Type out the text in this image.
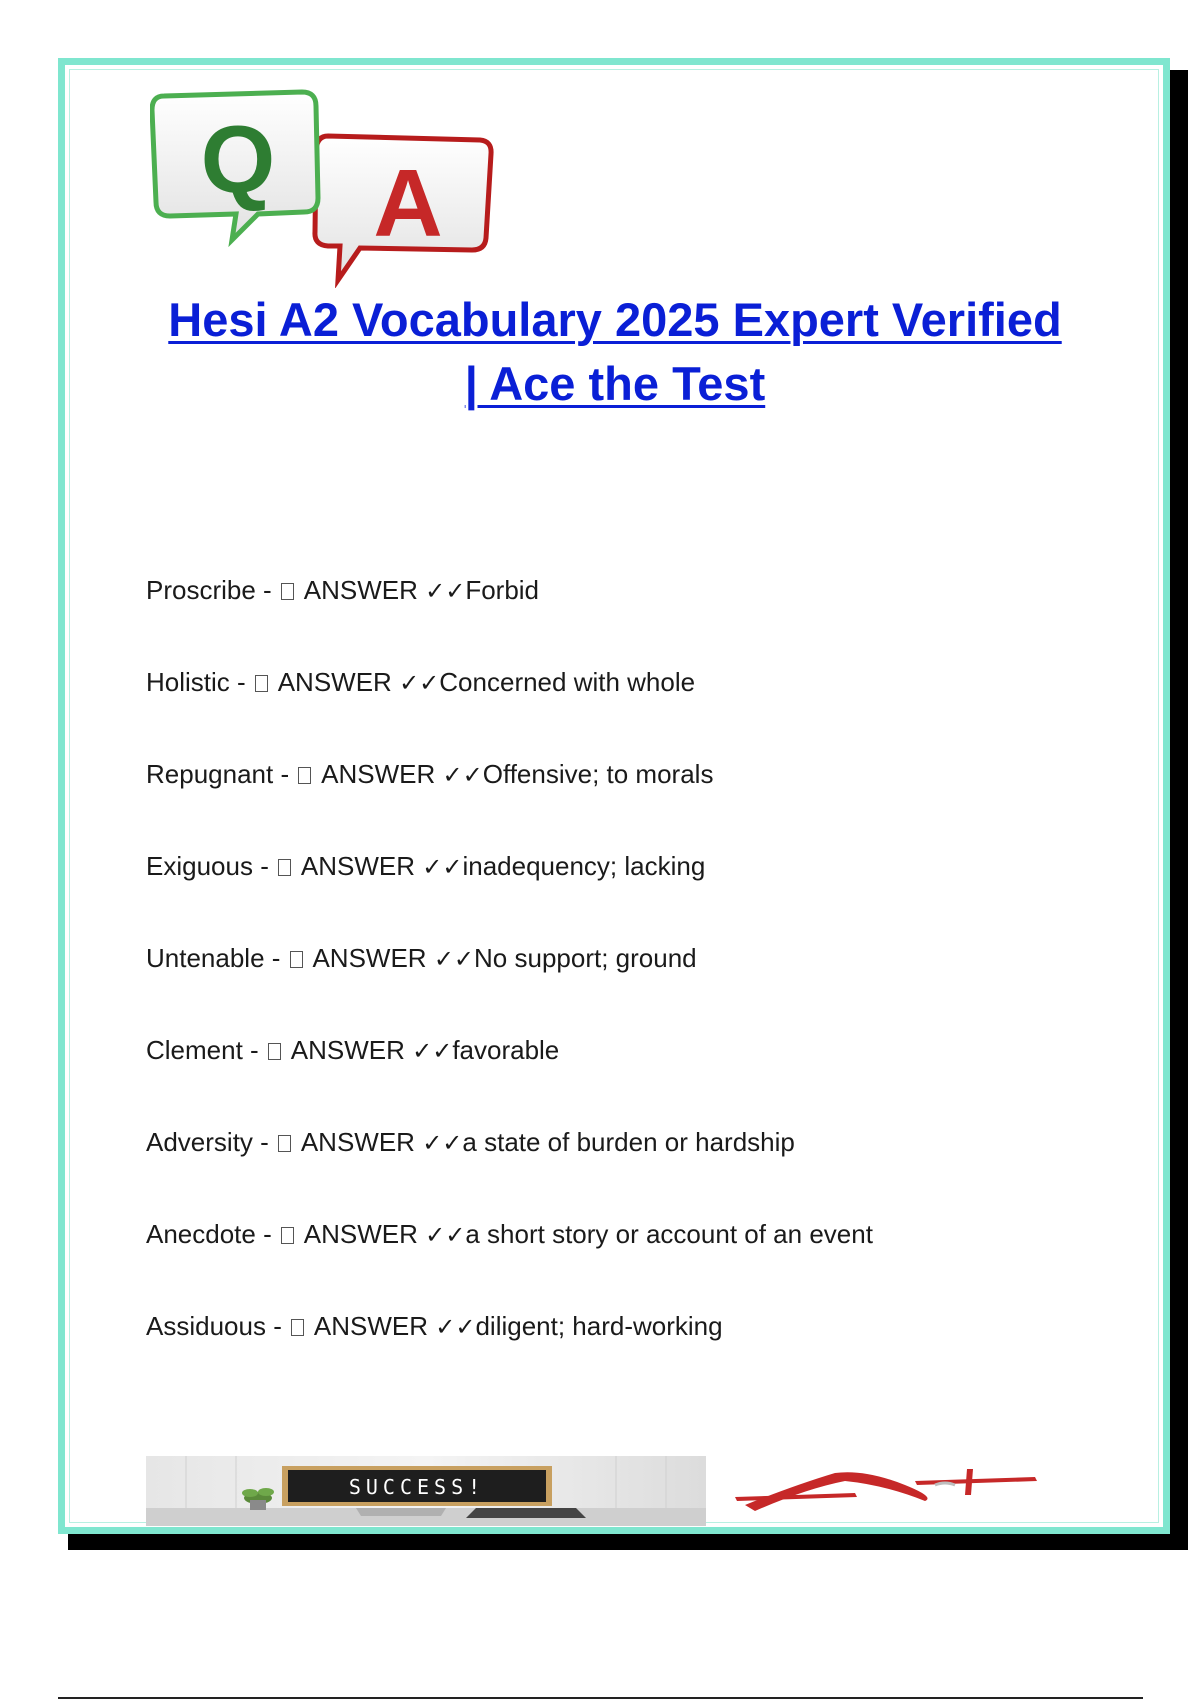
A
Q
Hesi A2 Vocabulary 2025 Expert Verified
| Ace the Test
Proscribe -  ANSWER ✓✓Forbid
Holistic -  ANSWER ✓✓Concerned with whole
Repugnant -  ANSWER ✓✓Offensive; to morals
Exiguous -  ANSWER ✓✓inadequency; lacking
Untenable -  ANSWER ✓✓No support; ground
Clement -  ANSWER ✓✓favorable
Adversity -  ANSWER ✓✓a state of burden or hardship
Anecdote -  ANSWER ✓✓a short story or account of an event
Assiduous -  ANSWER ✓✓diligent; hard-working
SUCCESS!
